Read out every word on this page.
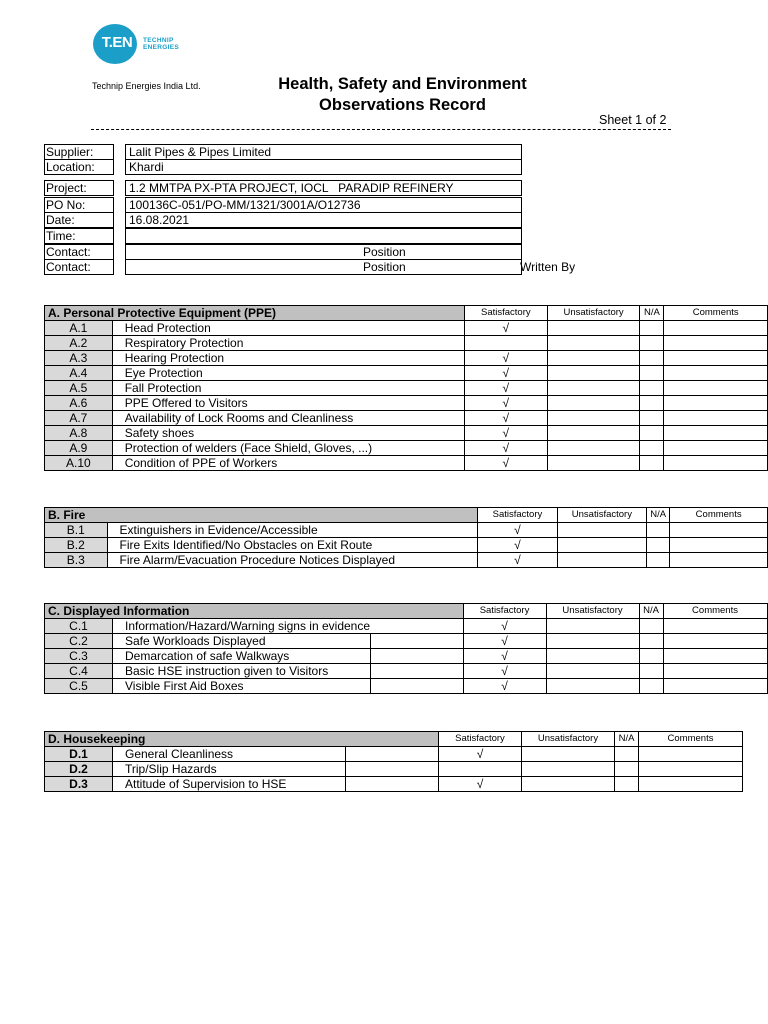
T.EN	TECHNIP
ENERGIES
Technip Energies India Ltd.	Health, Safety and Environment
Observations Record
Sheet 1 of 2
Supplier:	Lalit Pipes & Pipes Limited
Location:	Khardi
Project:	1.2 MMTPA PX-PTA PROJECT, IOCL   PARADIP REFINERY
PO No:	100136C-051/PO-MM/1321/3001A/O12736
Date:	16.08.2021
Time:
Contact:	Position
Contact:	Position	Written By
A. Personal Protective Equipment (PPE)			Satisfactory	Unsatisfactory	N/A	Comments
A.1	Head Protection		√			
A.2	Respiratory Protection					
A.3	Hearing Protection		√			
A.4	Eye Protection		√			
A.5	Fall Protection		√			
A.6	PPE Offered to Visitors		√			
A.7	Availability of Lock Rooms and Cleanliness		√			
A.8	Safety shoes		√			
A.9	Protection of welders (Face Shield, Gloves, ...)		√			
A.10	Condition of PPE of Workers		√			
B. Fire			Satisfactory	Unsatisfactory	N/A	Comments
B.1	Extinguishers in Evidence/Accessible		√			
B.2	Fire Exits Identified/No Obstacles on Exit Route		√			
B.3	Fire Alarm/Evacuation Procedure Notices Displayed		√			
C. Displayed Information			Satisfactory	Unsatisfactory	N/A	Comments
C.1	Information/Hazard/Warning signs in evidence		√			
C.2	Safe Workloads Displayed		√			
C.3	Demarcation of safe Walkways		√			
C.4	Basic HSE instruction given to Visitors		√			
C.5	Visible First Aid Boxes		√			
D. Housekeeping			Satisfactory	Unsatisfactory	N/A	Comments
D.1	General Cleanliness		√			
D.2	Trip/Slip Hazards					
D.3	Attitude of Supervision to HSE		√			
